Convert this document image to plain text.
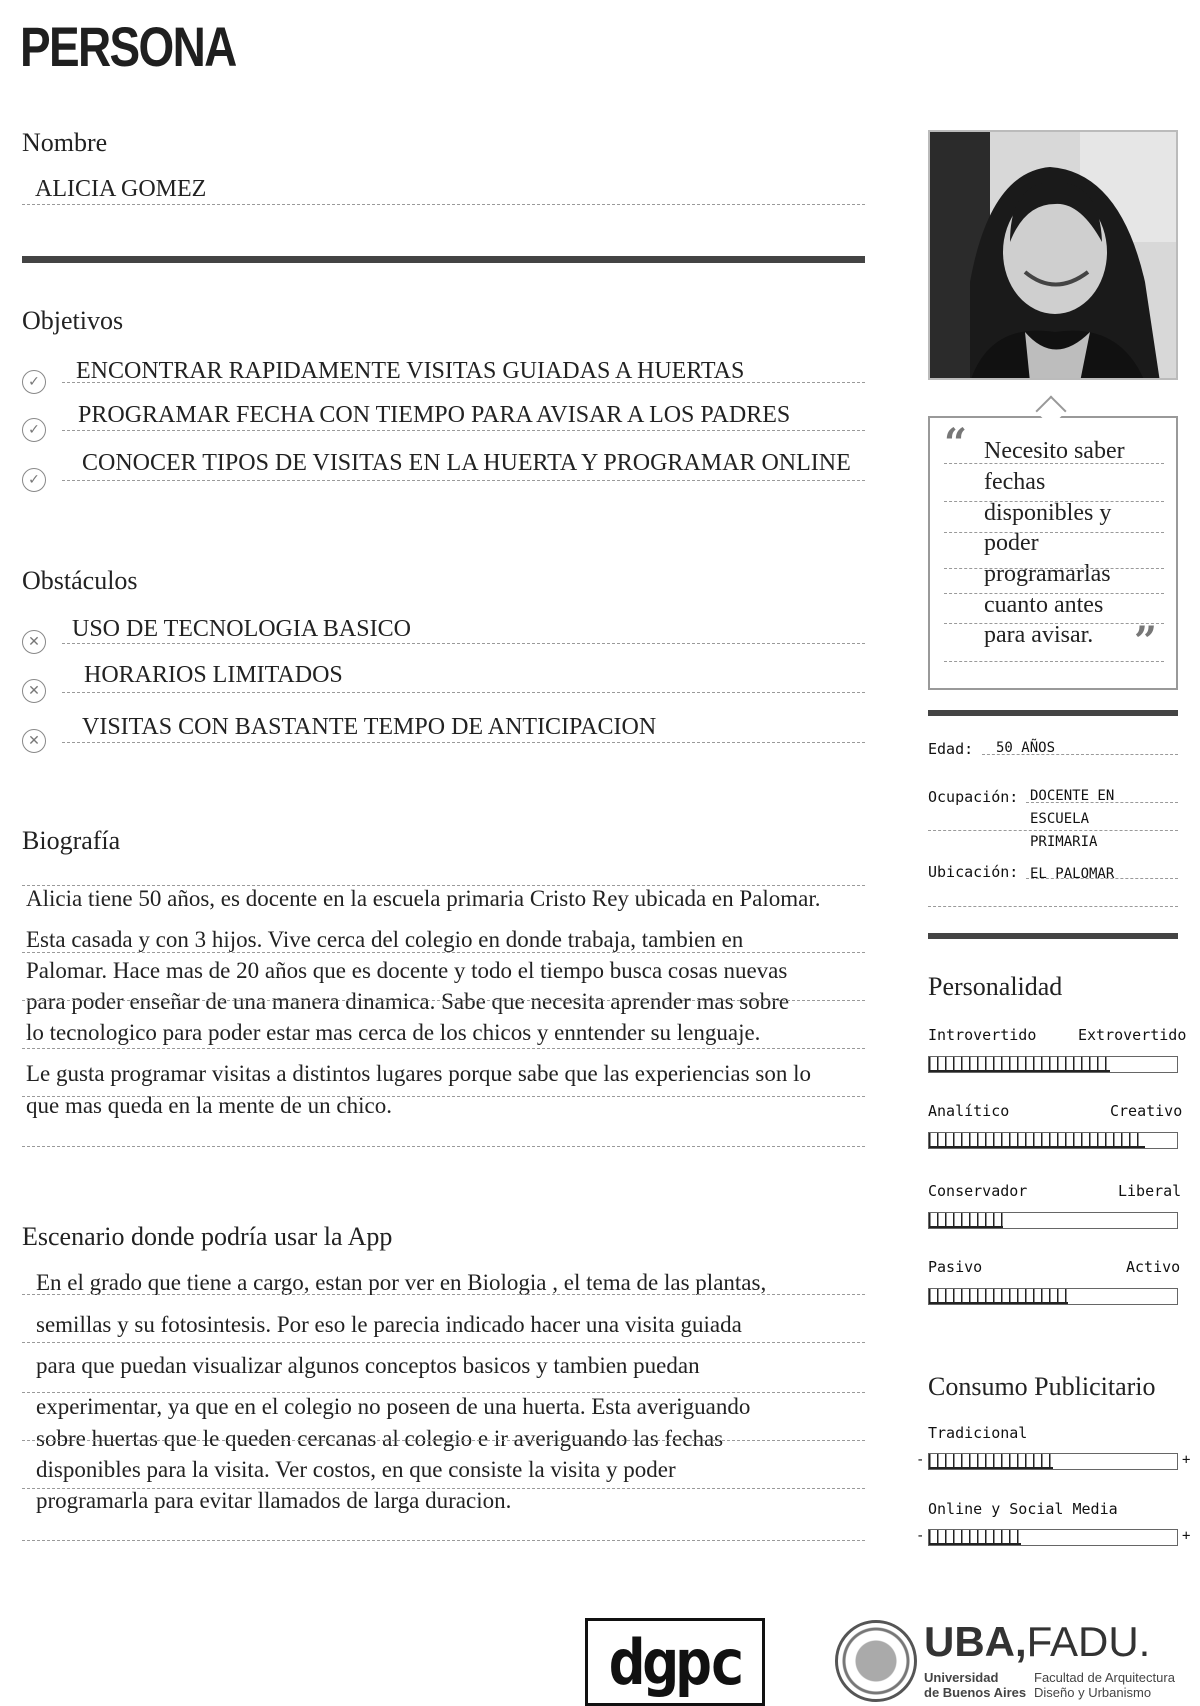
PERSONA
Nombre
ALICIA GOMEZ
Objetivos
✓ ENCONTRAR RAPIDAMENTE VISITAS GUIADAS A HUERTAS
✓
PROGRAMAR FECHA CON TIEMPO PARA AVISAR A LOS PADRES
✓
CONOCER TIPOS DE VISITAS EN LA HUERTA Y PROGRAMAR ONLINE
Obstáculos
✕ USO DE TECNOLOGIA BASICO
✕
HORARIOS LIMITADOS
✕
VISITAS CON BASTANTE TEMPO DE ANTICIPACION
Biografía
Alicia tiene 50 años, es docente en la escuela primaria Cristo Rey ubicada en Palomar.
Esta casada y con 3 hijos. Vive cerca del colegio en donde trabaja, tambien en
Palomar. Hace mas de 20 años que es docente y todo el tiempo busca cosas nuevas
para poder enseñar de una manera dinamica. Sabe que necesita aprender mas sobre
lo tecnologico para poder estar mas cerca de los chicos y enntender su lenguaje.
Le gusta programar visitas a distintos lugares porque sabe que las experiencias son lo
que mas queda en la mente de un chico.
Escenario donde podría usar la App
En el grado que tiene a cargo, estan por ver en Biologia , el tema de las plantas,
semillas y su fotosintesis. Por eso le parecia indicado hacer una visita guiada
para que puedan visualizar algunos conceptos basicos y tambien puedan
experimentar, ya que en el colegio no poseen de una huerta. Esta averiguando
sobre huertas que le queden cercanas al colegio e ir averiguando las fechas
disponibles para la visita. Ver costos, en que consiste la visita y poder
programarla para evitar llamados de larga duracion.
“ Necesito saber
fechas
disponibles y
poder
programarlas
cuanto antes
para avisar. ”
Edad: 50 AÑOS
Ocupación: DOCENTE EN
ESCUELA
PRIMARIA
Ubicación: EL PALOMAR
Personalidad
Introvertido	Extrovertido
Analítico	Creativo
Conservador	Liberal
Pasivo	Activo
Consumo Publicitario
Tradicional
-	+
Online y Social Media
-	+
dgpc	UBA,FADU.
Universidad
de Buenos Aires
Facultad de Arquitectura
Diseño y Urbanismo
